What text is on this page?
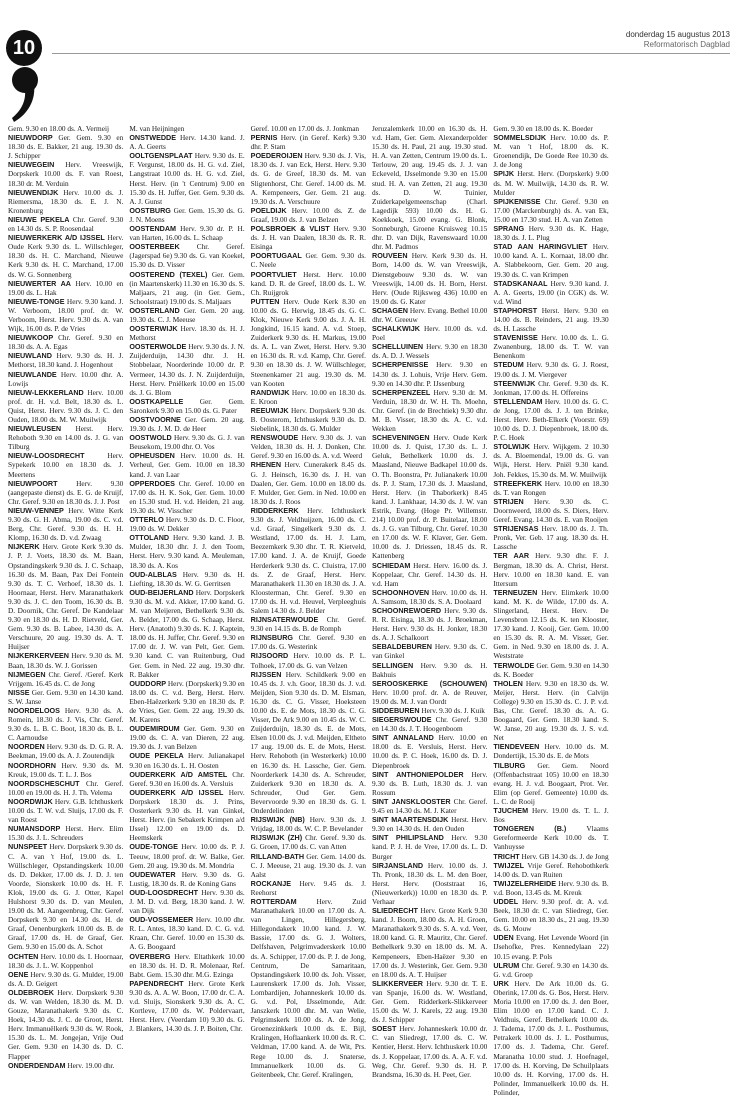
10
donderdag 15 augustus 2013
Reformatorisch Dagblad

Gem. 9.30 en 18.00 ds. A. Vermeij

NIEUWDORP Ger. Gem. 9.30 en 18.30 ds. E. Bakker, 21 aug. 19.30 ds. J. Schipper

NIEUWEGEIN Herv. Vreeswijk, Dorpskerk 10.00 ds. F. van Roest, 18.30 dr. M. Verduin

NIEUWENDIJK Herv. 10.00 ds. J. Riemersma, 18.30 ds. E. J. N. Kronenburg

NIEUWE PEKELA Chr. Geref. 9.30 en 14.30 ds. S. P. Roosendaal

NIEUWERKERK A/D IJSSEL Herv. Oude Kerk 9.30 ds. L. Willschleger, 18.30 ds. H. C. Marchand, Nieuwe Kerk 9.30 ds. H. C. Marchand, 17.00 ds. W. G. Sonnenberg

NIEUWERTER AA Herv. 10.00 en 19.00 ds. L. Hak

NIEUWE-TONGE Herv. 9.30 kand. J. W. Verboom, 18.00 prof. dr. W. Verboom, Herst. Herv. 9.30 ds. A. van Wijk, 16.00 ds. P. de Vries

NIEUWKOOP Chr. Geref. 9.30 en 18.30 ds. A. A. Egas

NIEUWLAND Herv. 9.30 ds. H. J. Methorst, 18.30 kand. J. Hogenhout

NIEUWLANDE Herv. 10.00 dhr. A. Lowijs

NIEUW-LEKKERLAND Herv. 10.00 prof. dr. H. v.d. Belt, 18.30 ds. L. Quist, Herst. Herv. 9.30 ds. J. C. den Ouden, 18.00 ds. M. W. Muilwijk

NIEUWLEUSEN Herst. Herv. Rehoboth 9.30 en 14.00 ds. J. G. van Tilburg

NIEUW-LOOSDRECHT	Herv. Sypekerk 10.00 en 18.30 ds. J. Meertens

NIEUWPOORT	Herv. 9.30 (aangepaste dienst) ds. E. G. de Kruijf, Chr. Geref. 9.30 en 18.30 ds. J. J. Post

NIEUW-VENNEP Herv. Witte Kerk 9.30 ds. G. H. Abma, 19.00 ds. C. v.d. Berg, Chr. Geref. 9.30 ds. H. H. Klomp, 16.30 ds. D. v.d. Zwaag

NIJKERK Herv. Grote Kerk 9.30 ds. J. P. J. Voets, 18.30 ds. M. Baan, Opstandingskerk 9.30 ds. J. C. Schaap, 16.30 ds. M. Baan, Pax Dei Fontein 9.30 ds. T. C. Verhoef, 18.30 ds. I. Hoornaar, Herst. Herv. Maranathakerk 9.30 ds. J. C. den Toom, 16.30 ds. B. D. Doornik, Chr. Geref. De Kandelaar 9.30 en 18.30 ds. H. D. Rietveld, Ger. Gem. 9.30 ds. B. Labee, 14.30 ds. A. Verschuure, 20 aug. 19.30 ds. A. T. Huijser

NIJKERKERVEEN Herv. 9.30 ds. M. Baan, 18.30 ds. W. J. Gorissen

NIJMEGEN Chr. Geref. /Geref. Kerk Vrijgem. 16.45 ds. C. de Jong

NISSE Ger. Gem. 9.30 en 14.30 kand. S. W. Janse

NOORDELOOS Herv. 9.30 ds. A. Romein, 18.30 ds. J. Vis, Chr. Geref. 9.30 ds. L. B. C. Boot, 18.30 ds. B. L. C. Aarnoudse

NOORDEN Herv. 9.30 ds. D. G. R. A. Beekman, 19.00 ds. A. J. Zoutendijk

NOORDHORN Herv. 9.30 ds. M. Kreuk, 19.00 ds. T. L. J. Bos

NOORDSCHESCHUT Chr. Geref. 10.00 en 19.00 ds. H. J. Th. Velema

NOORDWIJK Herv. G.B. Ichthuskerk 10.00 ds. T. W. v.d. Sluijs, 17.00 ds. F. van Roest

NUMANSDORP Herst. Herv. Elim 15.30 ds. J. L. Schreuders

NUNSPEET Herv. Dorpskerk 9.30 ds. C. A. van 't Hof, 19.00 ds. L. Wüllschleger, Opstandingskerk 10.00 ds. D. Dekker, 17.00 ds. J. D. J. ten Voorde, Sionskerk 10.00 ds. H. F. Klok, 19.00 ds. G. J. Otter, Kapel Hulshorst 9.30 ds. D. van Meulen, 19.00 ds. M. Aangeenbrug, Chr. Geref. Dorpskerk 9.30 en 14.30 ds. H. de Graaf, Oenenburgkerk 10.00 ds. B. de Graaf, 17.00 ds. H. de Graaf, Ger. Gem. 9.30 en 15.00 ds. A. Schot

OCHTEN Herv. 10.00 ds. I. Hoornaar, 18.30 ds. J. L. W. Koppenhol

OENE Herv. 9.30 ds. G. Mulder, 19.00 ds. A. D. Geigert

OLDEBROEK Herv. Dorpskerk 9.30 ds. W. van Welden, 18.30 ds. M. D. Gouze, Maranathakerk 9.30 ds. C. Hoek, 14.30 ds. J. C. de Groot, Herst. Herv. Immanuëlkerk 9.30 ds. W. Rook, 15.30 ds. L. M. Jongejan, Vrije Oud Ger. Gem. 9.30 en 14.30 ds. D. C. Flapper

ONDERDENDAM Herv. 19.00 dhr.

M. van Heijningen

ONSTWEDDE Herv. 14.30 kand. J. A. A. Geerts

OOLTGENSPLAAT Herv. 9.30 ds. E. F. Vergunst, 18.00 ds. H. G. v.d. Ziel, Langstraat 10.00 ds. H. G. v.d. Ziel, Herst. Herv. (in 't Centrum) 9.00 en 15.30 ds. H. Juffer, Ger. Gem. 9.30 ds. A. J. Gunst

OOSTBURG Ger. Gem. 15.30 ds. G. J. N. Moens

OOSTENDAM Herv. 9.30 dr. P. H. van Harten, 16.00 ds. L. Schaap

OOSTERBEEK Chr. Geref. (Jagerspad 6e) 9.30 ds. G. van Koekel, 15.30 ds. D. Visser

OOSTEREND (TEXEL) Ger. Gem. (in Maartenskerk) 11.30 en 16.30 ds. S. Maljaars, 21 aug. (in Ger. Gem., Schoolstraat) 19.00 ds. S. Maljaars

OOSTERLAND Ger. Gem. 20 aug. 19.30 ds. C. J. Meeuse

OOSTERWIJK Herv. 18.30 ds. H. J. Methorst

OOSTERWOLDE Herv. 9.30 ds. J. N. Zuijderduijn, 14.30 dhr. J. H. Stobbelaar, Noorderinde 10.00 dr. P. Vermeer, 14.30 ds. J. N. Zuijderduijn, Herst. Herv. Pniëlkerk 10.00 en 15.00 ds. J. G. Blom

OOSTKAPELLE Ger. Gem. Saronkerk 9.30 en 15.00 ds. G. Pater

OOSTVOORNE Ger. Gem. 20 aug. 19.30 ds. J. M. D. de Heer

OOSTWOLD Herv. 9.30 ds. G. J. van Beusekom, 19.00 dhr. O. Vos

OPHEUSDEN Herv. 10.00 ds. H. Verheul, Ger. Gem. 10.00 en 18.30 kand. J. van Laar

OPPERDOES Chr. Geref. 10.00 en 17.00 ds. H. K. Sok, Ger. Gem. 10.00 en 15.30 stud. H. v.d. Heiden, 21 aug. 19.30 ds. W. Visscher

OTTERLO Herv. 9.30 ds. D. C. Floor, 19.00 ds. W. Dekker

OTTOLAND Herv. 9.30 kand. J. B. Mulder, 18.30 dhr. J. J. den Toom, Herst. Herv. 9.30 kand. A. Meuleman, 18.30 ds. A. Kos

OUD-ALBLAS Herv. 9.30 ds. H. Liefting, 18.30 ds. W. G. Gerritsen

OUD-BEIJERLAND Herv. Dorpskerk 9.30 ds. M. v.d. Akker, 17.00 kand. G. M. van Meijeren, Bethelkerk 9.30 ds. A. Belder, 17.00 ds. G. Schaap, Herst. Herv. (Anatoth) 9.30 ds. K. J. Kaptein, 18.00 ds. H. Juffer, Chr. Geref. 9.30 en 17.00 dr. J. W. van Pelt, Ger. Gem. 9.30 kand. C. van Ruitenburg, Oud Ger. Gem. in Ned. 22 aug. 19.30 dhr. R. Bakker

OUDDORP Herv. (Dorpskerk) 9.30 en 18.00 ds. C. v.d. Berg, Herst. Herv. Eben-Haëzerkerk 9.30 en 18.30 ds. P. de Vries, Ger. Gem. 22 aug. 19.30 ds. M. Karens

OUDEMIRDUM Ger. Gem. 9.30 en 19.00 ds. C. A. van Dieren, 22 aug. 19.30 ds. J. van Belzen

OUDE PEKELA Herv. Julianakapel 9.30 en 16.30 ds. L. H. Oosten

OUDERKERK A/D AMSTEL Chr. Geref. 9.30 en 16.00 ds. A. Versluis

OUDERKERK A/D IJSSEL Herv. Dorpskerk 18.30 ds. J. Prins, Oosterkerk 9.30 ds. H. van Ginkel, Herst. Herv. (in Sebakerk Krimpen a/d IJssel) 12.00 en 19.00 ds. D. Heemskerk

OUDE-TONGE Herv. 10.00 ds. P. J. Teeuw, 18.00 prof. dr. W. Balke, Ger. Gem. 20 aug. 19.30 ds. M. Mondria

OUDEWATER Herv. 9.30 ds. G. Lustig, 18.30 ds. R. de Koning Gans

OUD-LOOSDRECHT Herv. 9.30 ds. J. M. D. v.d. Berg, 18.30 kand. J. W. van Dijk

OUD-VOSSEMEER Herv. 10.00 dhr. R. L. Antes, 18.30 kand. D. C. G. v.d. Kraan, Chr. Geref. 10.00 en 15.30 ds. A. G. Boogaard

OVERBERG Herv. Eltathkerk 10.00 en 18.30 ds. H. D. R. Molenaar, Ref. Babt. Gem. 15.30 dhr. M.G. Ezinga

PAPENDRECHT Herv. Grote Kerk 9.30 ds. A. A. W. Boon, 17.00 dr. C. A. v.d. Sluijs, Sionskerk 9.30 ds. A. C. Kortleve, 17.00 ds. W. Poldervaart, Herst. Herv. (Veerdam 10) 9.30 ds. G. J. Blankers, 14.30 ds. J. P. Boiten, Chr.

Geref. 10.00 en 17.00 ds. J. Jonkman

PERNIS Herv. (in Geref. Kerk) 9.30 dhr. P. Stam

POEDEROIJEN Herv. 9.30 ds. J. Vis, 18.30 ds. J. van Eck, Herst. Herv. 9.30 ds. G. de Greef, 18.30 ds. M. van Sligtenhorst, Chr. Geref. 14.00 ds. M. A. Kempeneers, Ger. Gem. 21 aug. 19.30 ds. A. Verschuure

POELDIJK Herv. 10.00 ds. Z. de Graaf, 19.00 ds. J. van Belzen

POLSBROEK & VLIST Herv. 9.30 ds. J. H. van Daalen, 18.30 ds. R. R. Eisinga

POORTUGAAL Ger. Gem. 9.30 ds. C. Neele

POORTVLIET Herst. Herv. 10.00 kand. D. R. de Greef, 18.00 ds. L. W. Ch. Ruijgrok

PUTTEN Herv. Oude Kerk 8.30 en 10.00 ds. G. Herwig, 18.45 ds. G. C. Klok, Nieuwe Kerk 9.00 ds. J. A. H. Jongkind, 16.15 kand. A. v.d. Stoep, Zuiderkerk 9.30 ds. H. Markus, 19.00 ds. A. L. van Zwet, Herst. Herv. 9.30 en 16.30 ds. R. v.d. Kamp, Chr. Geref. 9.30 en 18.30 ds. J. W. Wüllschleger, Steenenkamer 21 aug. 19.30 ds. M. van Kooten

RANDWIJK Herv. 10.00 en 18.30 ds. E. Kroon

REEUWIJK Herv. Dorpskerk 9.30 ds. B. Oosterom, Ichthuskerk 9.30 ds. D. Siebelink, 18.30 ds. G. Mulder

RENSWOUDE Herv. 9.30 ds. J. van Velden, 18.30 ds. H. J. Donken, Chr. Geref. 9.30 en 16.00 ds. A. v.d. Weerd

RHENEN Herv. Cunerakerk 8.45 ds. G. J. Heinsch, 16.30 ds. J. H. van Daalen, Ger. Gem. 10.00 en 18.00 ds. F. Mulder, Ger. Gem. in Ned. 10.00 en 18.30 ds. J. Roos

RIDDERKERK Herv. Ichthuskerk 9.30 ds. J. Veldhuijzen, 16.00 ds. C. v.d. Graaf, Singelkerk 9.30 ds. J. Westland, 17.00 ds. H. J. Lam, Beezemkerk 9.30 dhr. T. R. Kietveld, 17.00 kand. J. A. de Kruijf, Goede Herderkerk 9.30 ds. C. Cluistra, 17.00 ds. Z. de Graaf, Herst. Herv. Maranathakerk 11.30 en 18.30 ds. J. A. Kloosterman, Chr. Geref. 9.30 en 17.00 ds. H. v.d. Heuvel, Verpleeghuis Salem 14.30 ds. J. Belder

RIJNSATERWOUDE Chr. Geref. 9.30 en 14.15 ds. B. de Romph

RIJNSBURG Chr. Geref. 9.30 en 17.00 ds. G. Westerink

RIJSOORD Herv. 10.00 ds. P. L. Tolhoek, 17.00 ds. G. van Velzen

RIJSSEN Herv. Schildkerk 9.00 en 10.45 ds. J. v.h. Goor, 18.30 ds. J. v.d. Meijden, Sion 9.30 ds. D. M. Elsman, 16.30 ds. C. G. Visser, Hoeksteen 10.00 ds. E. de Mots, 18.30 ds. C. G. Visser, De Ark 9.00 en 10.45 ds. W. C. Zuijderduijn, 18.30 ds. E. de Mots, Elsen 10.00 ds. J. v.d. Meijden, Eltheto 17 aug. 19.00 ds. E. de Mots, Herst. Herv. Rehoboth (in Westerkerk) 10.00 en 16.30 ds. H. Lassche, Ger. Gem. Noorderkerk 14.30 ds. A. Schreuder, Zuiderkerk 9.30 en 18.30 ds. A. Schreuder, Oud Ger. Gem. Bevervoorde 9.30 en 18.30 ds. G. I. Onderdelinden

RIJSWIJK (NB) Herv. 9.30 ds. J. Vrijdag, 18.00 ds. W. C. P. Bevelander

RIJSWIJK (ZH) Chr. Geref. 9.30 ds. G. Groen, 17.00 ds. C. van Atten

RILLAND-BATH Ger. Gem. 14.00 ds. C. J. Meeuse, 21 aug. 19.30 ds. J. van Aalst

ROCKANJE Herv. 9.45 ds. J. Reehorst

ROTTERDAM	Herv. Zuid Maranathakerk 10.00 en 17.00 ds. A. van Lingen, Hillegersberg, Hillegondakerk 10.00 kand. J. W. Bassie, 17.00 ds. G. J. Wolters, Delfshaven, Pelgrimvaderskerk 10.00 ds. A. Schipper, 17.00 ds. P. J. de Jong, Centrum, De Samaritaan, Opstandingskerk 10.00 ds. Joh. Visser, Laurenskerk 17.00 ds. Joh. Visser, Lombardijen, Johanneskerk 10.00 ds. G. v.d. Pol, IJsselmonde, Adr. Janszkerk 10.00 dhr. M. van Welie, Pelgrimskerk 10.00 ds. A. de Jong, Groenezinkkerk 10.00 ds. E. Bijl, Kralingen, Hoflaankerk 10.00 ds. R. C. Veldman, 17.00 kand. A. de Wit, Prs. Rege 10.00 ds. J. Snaterse, Immanuelkerk 10.00 ds. G. Geitenbeek, Chr. Geref. Kralingen,

Jeruzalemkerk 10.00 en 16.30 ds. H. v.d. Ham, Ger. Gem. Alexanderpolder 15.30 ds. H. Paul, 21 aug. 19.30 stud. H. A. van Zetten, Centrum 19.00 ds. L. Terlouw, 20 aug. 19.45 ds. J. J. van Eckeveld, IJsselmonde 9.30 en 15.00 stud. H. A. van Zetten, 21 aug. 19.30 ds. D. W. Tuinier, Zuiderkapelgemeenschap (Charl. Lagedijk 593) 10.00 ds. H. G. Koekkoek, 15.00 evang. G. Blonk, Sonneburgh, Groene Kruisweg 10.15 dhr. D. van Dijk, Ravenswaard 10.00 dhr. M. Padmos

ROUVEEN Herv. Kerk 9.30 ds. H. Born, 14.00 ds. W. van Vreeswijk, Dienstgebouw 9.30 ds. W. van Vreeswijk, 14.00 ds. H. Born, Herst. Herv. (Oude Rijksweg 436) 10.00 en 19.00 ds. G. Kater

SCHAGEN Herv. Evang. Bethel 10.00 dhr. W. Greeuw

SCHALKWIJK Herv. 10.00 ds. v.d. Poel

SCHELLUINEN Herv. 9.30 en 18.30 ds. A. D. J. Wessels

SCHERPENISSE Herv. 9.30 en 14.30 ds. J. Lohuis, Vrije Herv. Gem. 9.30 en 14.30 dhr. P. IJssenburg

SCHERPENZEEL Herv. 9.30 dr. M. Verduin, 18.30 dr. W. H. Th. Moehn, Chr. Geref. (in de Brechtiek) 9.30 dhr. M. B. Visser, 18.30 ds. A. C. v.d. Wekken

SCHEVENINGEN Herv. Oude Kerk 10.00 ds. J. Quist, 17.30 ds. L. J. Geluk, Bethelkerk 10.00 ds. J. Maasland, Nieuwe Badkapel 10.00 ds. O. Th. Boonstra, Pr. Julianakerk 10.00 ds. P. J. Stam, 17.30 ds. J. Maasland, Herst. Herv. (in Thaborkerk) 8.45 kand. J. Lankhaar, 14.30 ds. J. W. van Estrik, Evang. (Hoge Pr. Willemstr. 214) 10.00 prof. dr. P. Buitelaar, 18.00 ds. J. G. van Tilburg, Chr. Geref. 10.30 en 17.00 ds. W. F. Klaver, Ger. Gem. 10.00 ds. J. Driessen, 18.45 ds. R. Kattenberg

SCHIEDAM Herst. Herv. 16.00 ds. J. Koppelaar, Chr. Geref. 14.30 ds. H. v.d. Ham

SCHOONHOVEN Herv. 10.00 ds. H. A. Samsom, 18.30 ds. S. A. Doolaard

SCHOONREWOERD Herv. 9.30 ds. R. R. Eisinga, 18.30 ds. J. Broekman, Herst. Herv. 9.30 ds. H. Jonker, 18.30 ds. A. J. Schalkoort

SEBALDEBUREN Herv. 9.30 ds. C. van Ginkel

SELLINGEN Herv. 9.30 ds. H. Bakhuis

SEROOSKERKE (SCHOUWEN) Herv. 10.00 prof. dr. A. de Reuver, 19.00 ds. M. J. van Oordt

SIDDEBUREN Herv. 9.30 ds. J. Kuik

SIEGERSWOUDE Chr. Geref. 9.30 en 14.30 ds. J. T. Hoogenboom

SINT ANNALAND Herv. 10.00 en 18.00 ds. E. Versluis, Herst. Herv. 10.00 ds. P. C. Hoek, 16.00 ds. D. J. Diepenbroek

SINT ANTHONIEPOLDER Herv. 9.30 ds. B. Luth, 18.30 ds. J. van Rossum

SINT JANSKLOOSTER Chr. Geref. 9.45 en 14.30 ds. M. J. Kater

SINT MAARTENSDIJK Herst. Herv. 9.30 en 14.30 ds. H. den Ouden

SINT PHILIPSLAND Herv. 9.30 kand. P. J. H. de Vree, 17.00 ds. L. D. Burger

SIRJANSLAND Herv. 10.00 ds. J. Th. Pronk, 18.30 ds. L. M. den Boer, Herst. Herv. (Ooststraat 16, (Nieuwerkerk)) 10.00 en 18.30 ds. P. Verhaar

SLIEDRECHT Herv. Grote Kerk 9.30 kand. J. Boom, 18.00 ds. A. H. Groen, Maranathakerk 9.30 ds. S. A. v.d. Veer, 18.00 kand. G. R. Mauritz, Chr. Geref. Bethelkerk 9.30 en 18.00 ds. M. A. Kempeneers, Eben-Haëzer 9.30 en 17.00 ds. J. Westerink, Ger. Gem. 9.30 en 18.00 ds. A. T. Huijser

SLIKKERVEER Herv. 9.30 dr. T. E. van Spanje, 16.00 ds. W. Westland, Ger. Gem. Ridderkerk-Slikkerveer 15.00 ds. W. J. Karels, 22 aug. 19.30 ds. J. Schipper

SOEST Herv. Johanneskerk 10.00 dr. C. van Sliedregt, 17.00 ds. C. W. Kentier, Herst. Herv. Ichthuskerk 10.00 ds. J. Koppelaar, 17.00 ds. A. A. F. v.d. Weg, Chr. Geref. 9.30 ds. H. P. Brandsma, 16.30 ds. H. Peet, Ger.

Gem. 9.30 en 18.00 ds. K. Boeder

SOMMELSDIJK Herv. 10.00 ds. P. M. van 't Hof, 18.00 ds. K. Groenendijk, De Goede Ree 10.30 ds. J. de Jong

SPIJK Herst. Herv. (Dorpskerk) 9.00 ds. M. W. Muilwijk, 14.30 ds. R. W. Mulder

SPIJKENISSE Chr. Geref. 9.30 en 17.00 (Marckenburgh) ds. A. van Ek, 15.00 en 17.30 stud. H. A. van Zetten

SPRANG Herv. 9.30 ds. K. Hage, 18.30 ds. J. L. Plug

STAD AAN HARINGVLIET Herv. 10.00 kand. A. L. Kornaat, 18.00 dhr. A. Slabbekoorn, Ger. Gem. 20 aug. 19.30 ds. C. van Krimpen

STADSKANAAL Herv. 9.30 kand. J. A. A. Geerts, 19.00 (in CGK) ds. W. v.d. Wind

STAPHORST Herst. Herv. 9.30 en 14.00 ds. B. Reinders, 21 aug. 19.30 ds. H. Lassche

STAVENISSE Herv. 10.00 ds. L. G. Zwanenburg, 18.00 ds. T. W. van Benenkom

STEDUM Herv. 9.30 ds. G. J. Roest, 19.00 ds. J. M. Viergever

STEENWIJK Chr. Geref. 9.30 ds. K. Jonkman, 17.00 ds. H. Offereins

STELLENDAM Herv. 10.00 ds. G. C. de Jong, 17.00 ds. J. J. ten Brinke, Herst. Herv. Beth-Elkerk (Voorstr. 69) 10.00 ds. D. J. Diepenbroek, 18.00 ds. P. C. Hoek

STOLWIJK Herv. Wijkgem. 2 10.30 ds. A. Bloemendal, 19.00 ds. G. van Wijk, Herst. Herv. Pniël 9.30 kand. Joh. Fekkes, 15.30 ds. M. W. Muilwijk

STREEFKERK Herv. 10.00 en 18.30 ds. T. van Rongen

STRIJEN Herv. 9.30 ds. C. Doornweerd, 18.00 ds. S. Diers, Herv. Geref. Evang. 14.30 ds. E. van Rooijen

STRIJENSAS Herv. 18.00 ds. J. Th. Pronk, Ver. Geb. 17 aug. 18.30 ds. H. Lassche

TER AAR Herv. 9.30 dhr. F. J. Bergman, 18.30 ds. A. Christ, Herst. Herv. 10.00 en 18.30 kand. E. van Ittersum

TERNEUZEN Herv. Elimkerk 10.00 kand. M. K. de Wilde, 17.00 ds. A. Slingerland, Herst. Herv. De Levensbron 12.15 ds. K. ten Klooster, 17.30 kand. J. Kooij, Ger. Gem. 10.00 en 15.30 ds. R. A. M. Visser, Ger. Gem. in Ned. 9.30 en 18.00 ds. J. A. Weststrate

TERWOLDE Ger. Gem. 9.30 en 14.30 ds. K. Boeder

THOLEN Herv. 9.30 en 18.30 ds. W. Meijer, Herst. Herv. (in Calvijn College) 9.30 en 15.30 ds. C. J. P. v.d. Bas, Chr. Geref. 18.30 ds. A. G. Boogaard, Ger. Gem. 18.30 kand. S. W. Janse, 20 aug. 19.30 ds. J. S. v.d. Net

TIENDEVEEN Herv. 10.00 ds. M. Dondertijk, 15.30 ds. E. de Mots

TILBURG Ger. Gem. Noord (Offenbachstraat 105) 10.00 en 18.30 evang. H. J. v.d. Boogaart, Prot. Ver. Elim (op Geref. Gemeente) 10.00 ds. L. C. de Rooij

TJUCHEM Herv. 19.00 ds. T. L. J. Bos

TONGEREN (B.)	Vlaams Gereformeerde Kerk 10.00 ds. T. Vanhuysse

TRICHT Herv. GB 14.30 ds. J. de Jong

TWIJZEL Vrije Geref. Rehobothkerk 14.00 ds. D. van Ruiten

TWIJZELERHEIDE Herv. 9.30 ds. B. v.d. Boon, 13.45 ds. M. Kreuk

UDDEL Herv. 9.30 prof. dr. A. v.d. Beek, 18.30 dr. C. van Sliedregt, Ger. Gem. 10.00 en 18.30 ds., 21 aug. 19.30 ds. G. Mouw

UDEN Evang. Het Levende Woord (in IJsehofke, Pres. Kennedylaan 22) 10.15 evang. P. Pols

ULRUM Chr. Geref. 9.30 en 14.30 ds. G. v.d. Groep

URK Herv. De Ark 10.00 ds. G. Oberink, 17.00 ds. G. Bos, Herst. Herv. Moria 10.00 en 17.00 ds. J. den Boer, Elim 10.00 en 17.00 kand. C. J. Veldhuis, Geref. Bethelkerk 10.00 ds. J. Tadema, 17.00 ds. J. L. Posthumus, Petrakerk 10.00 ds. J. L. Posthumus, 17.00 ds. J. Tadema, Chr. Geref. Maranatha 10.00 stud. J. Hoefnagel, 17.00 ds. H. Korving, De Schuilplaats 10.00 ds. H. Korving, 17.00 ds. H. Polinder, Immanuelkerk 10.00 ds. H. Polinder,
